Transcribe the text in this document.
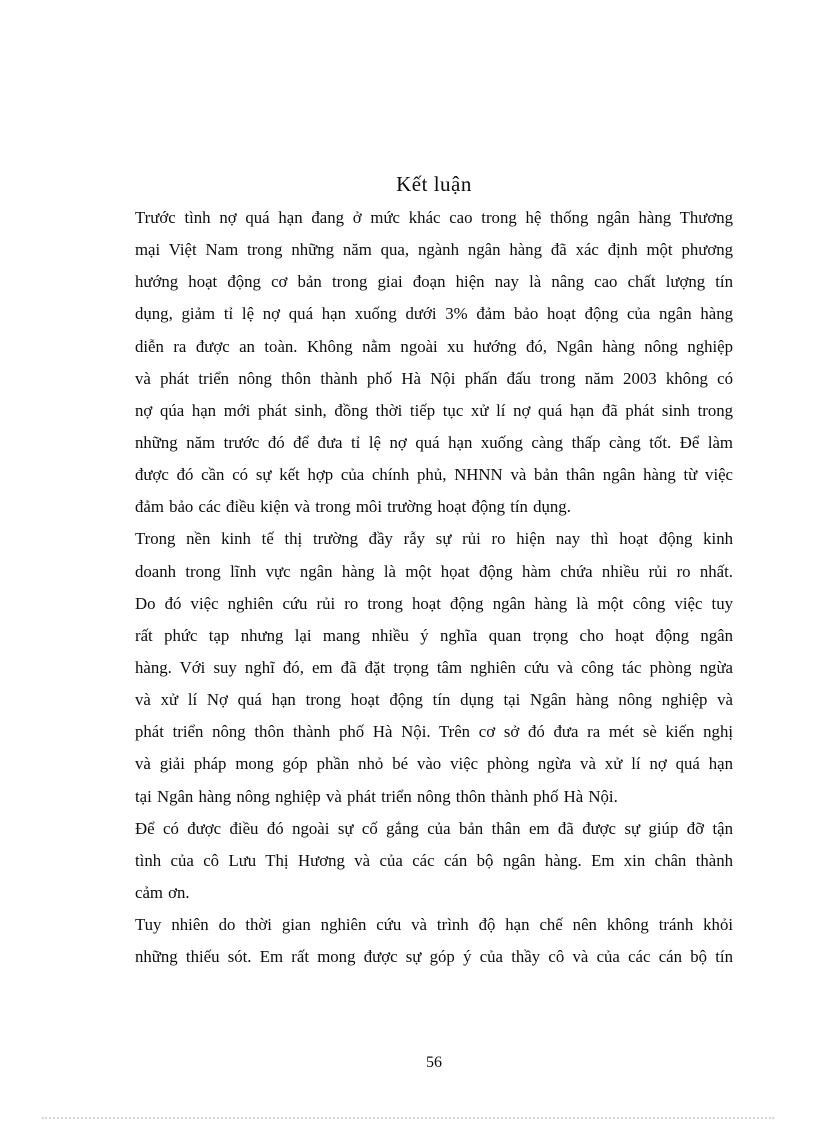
Kết luận
Trước tình nợ quá hạn đang ở mức khác cao trong hệ thống ngân hàng Thương
mại Việt Nam trong những năm qua, ngành ngân hàng đã xác định một phương
hướng hoạt động cơ bản trong giai đoạn hiện nay là nâng cao chất lượng tín
dụng, giảm tỉ lệ nợ quá hạn xuống dưới 3% đảm bảo hoạt động của ngân hàng
diễn ra được an toàn. Không nằm ngoài xu hướng đó, Ngân hàng nông nghiệp
và phát triển nông thôn thành phố Hà Nội phấn đấu trong năm 2003 không có
nợ qúa hạn mới phát sinh, đồng thời tiếp tục xử lí nợ quá hạn đã phát sinh trong
những năm trước đó để đưa tỉ lệ nợ quá hạn xuống càng thấp càng tốt. Để làm
được đó cần có sự kết hợp của chính phủ, NHNN và bản thân ngân hàng từ việc
đảm bảo các điều kiện và trong môi trường hoạt động tín dụng.
Trong nền kinh tế thị trường đầy rẫy sự rủi ro hiện nay thì hoạt động kinh
doanh trong lĩnh vực ngân hàng là một họat động hàm chứa nhiều rủi ro nhất.
Do đó việc nghiên cứu rủi ro trong hoạt động ngân hàng là một công việc tuy
rất phức tạp nhưng lại mang nhiều ý nghĩa quan trọng cho hoạt động ngân
hàng. Với suy nghĩ đó, em đã đặt trọng tâm nghiên cứu và công tác phòng ngừa
và xử lí Nợ quá hạn trong hoạt động tín dụng tại Ngân hàng nông nghiệp và
phát triển nông thôn thành phố Hà Nội. Trên cơ sở đó đưa ra mét sè kiến nghị
và giải pháp mong góp phần nhỏ bé vào việc phòng ngừa và xử lí nợ quá hạn
tại Ngân hàng nông nghiệp và phát triển nông thôn thành phố Hà Nội.
Để có được điều đó ngoài sự cố gắng của bản thân em đã được sự giúp đỡ tận
tình của cô Lưu Thị Hương và của các cán bộ ngân hàng. Em xin chân thành
cảm ơn.
Tuy nhiên do thời gian nghiên cứu và trình độ hạn chế nên không tránh khỏi
những thiếu sót. Em rất mong được sự góp ý của thầy cô và của các cán bộ tín
56
